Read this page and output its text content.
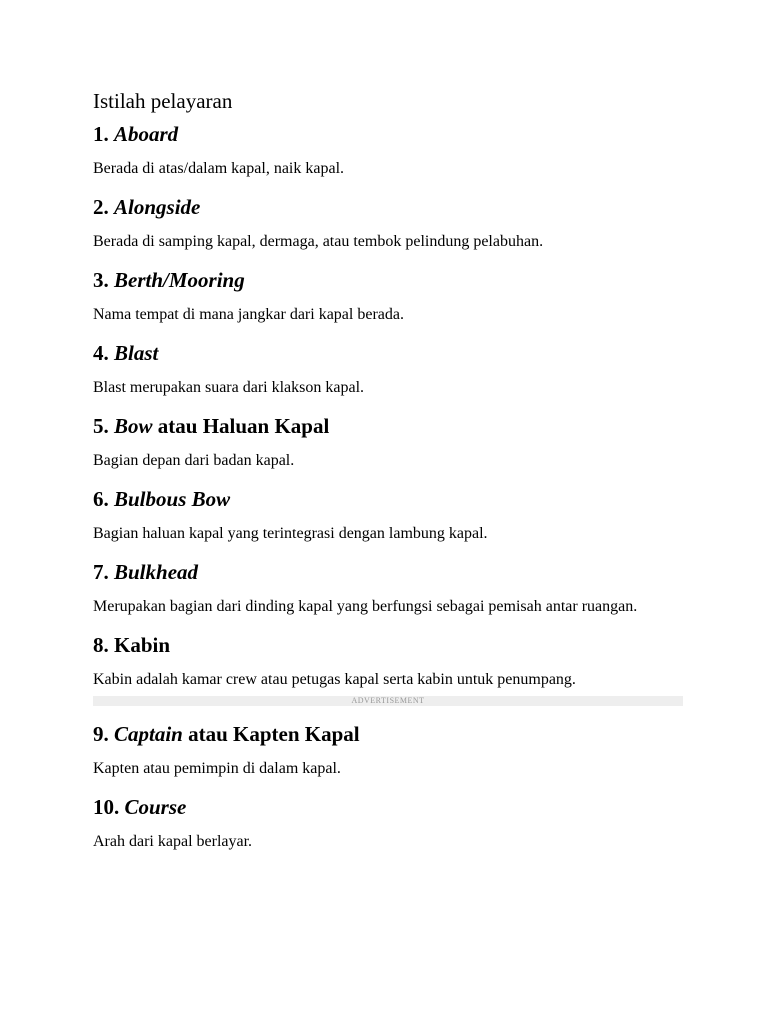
Istilah pelayaran
1. Aboard

Berada di atas/dalam kapal, naik kapal.

2. Alongside

Berada di samping kapal, dermaga, atau tembok pelindung pelabuhan.

3. Berth/Mooring

Nama tempat di mana jangkar dari kapal berada.

4. Blast

Blast merupakan suara dari klakson kapal.

5. Bow atau Haluan Kapal

Bagian depan dari badan kapal.

6. Bulbous Bow

Bagian haluan kapal yang terintegrasi dengan lambung kapal.

7. Bulkhead

Merupakan bagian dari dinding kapal yang berfungsi sebagai pemisah antar ruangan.

8. Kabin

Kabin adalah kamar crew atau petugas kapal serta kabin untuk penumpang.

ADVERTISEMENT
9. Captain atau Kapten Kapal

Kapten atau pemimpin di dalam kapal.

10. Course

Arah dari kapal berlayar.
